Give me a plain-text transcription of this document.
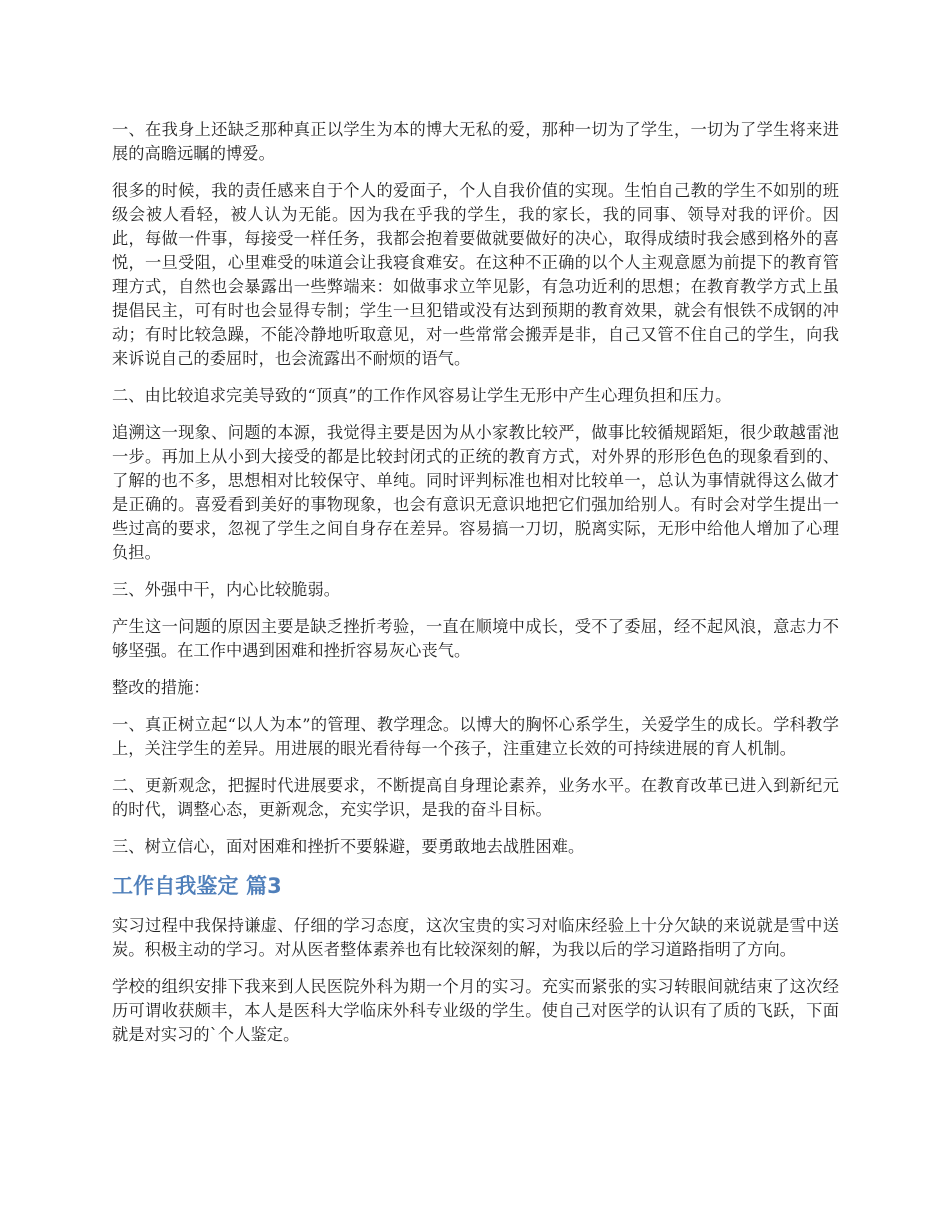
一、在我身上还缺乏那种真正以学生为本的博大无私的爱，那种一切为了学生，一切为了学生将来进展的高瞻远瞩的博爱。

很多的时候，我的责任感来自于个人的爱面子，个人自我价值的实现。生怕自己教的学生不如别的班级会被人看轻，被人认为无能。因为我在乎我的学生，我的家长，我的同事、领导对我的评价。因此，每做一件事，每接受一样任务，我都会抱着要做就要做好的决心，取得成绩时我会感到格外的喜悦，一旦受阻，心里难受的味道会让我寝食难安。在这种不正确的以个人主观意愿为前提下的教育管理方式，自然也会暴露出一些弊端来：如做事求立竿见影，有急功近利的思想；在教育教学方式上虽提倡民主，可有时也会显得专制；学生一旦犯错或没有达到预期的教育效果，就会有恨铁不成钢的冲动；有时比较急躁，不能冷静地听取意见，对一些常常会搬弄是非，自己又管不住自己的学生，向我来诉说自己的委屈时，也会流露出不耐烦的语气。

二、由比较追求完美导致的“顶真”的工作作风容易让学生无形中产生心理负担和压力。

追溯这一现象、问题的本源，我觉得主要是因为从小家教比较严，做事比较循规蹈矩，很少敢越雷池一步。再加上从小到大接受的都是比较封闭式的正统的教育方式，对外界的形形色色的现象看到的、了解的也不多，思想相对比较保守、单纯。同时评判标准也相对比较单一，总认为事情就得这么做才是正确的。喜爱看到美好的事物现象，也会有意识无意识地把它们强加给别人。有时会对学生提出一些过高的要求，忽视了学生之间自身存在差异。容易搞一刀切，脱离实际，无形中给他人增加了心理负担。

三、外强中干，内心比较脆弱。

产生这一问题的原因主要是缺乏挫折考验，一直在顺境中成长，受不了委屈，经不起风浪，意志力不够坚强。在工作中遇到困难和挫折容易灰心丧气。

整改的措施：

一、真正树立起“以人为本”的管理、教学理念。以博大的胸怀心系学生，关爱学生的成长。学科教学上，关注学生的差异。用进展的眼光看待每一个孩子，注重建立长效的可持续进展的育人机制。

二、更新观念，把握时代进展要求，不断提高自身理论素养，业务水平。在教育改革已进入到新纪元的时代，调整心态，更新观念，充实学识，是我的奋斗目标。

三、树立信心，面对困难和挫折不要躲避，要勇敢地去战胜困难。

工作自我鉴定 篇3

实习过程中我保持谦虚、仔细的学习态度，这次宝贵的实习对临床经验上十分欠缺的来说就是雪中送炭。积极主动的学习。对从医者整体素养也有比较深刻的解，为我以后的学习道路指明了方向。

学校的组织安排下我来到人民医院外科为期一个月的实习。充实而紧张的实习转眼间就结束了这次经历可谓收获颇丰，本人是医科大学临床外科专业级的学生。使自己对医学的认识有了质的飞跃，下面就是对实习的`个人鉴定。
